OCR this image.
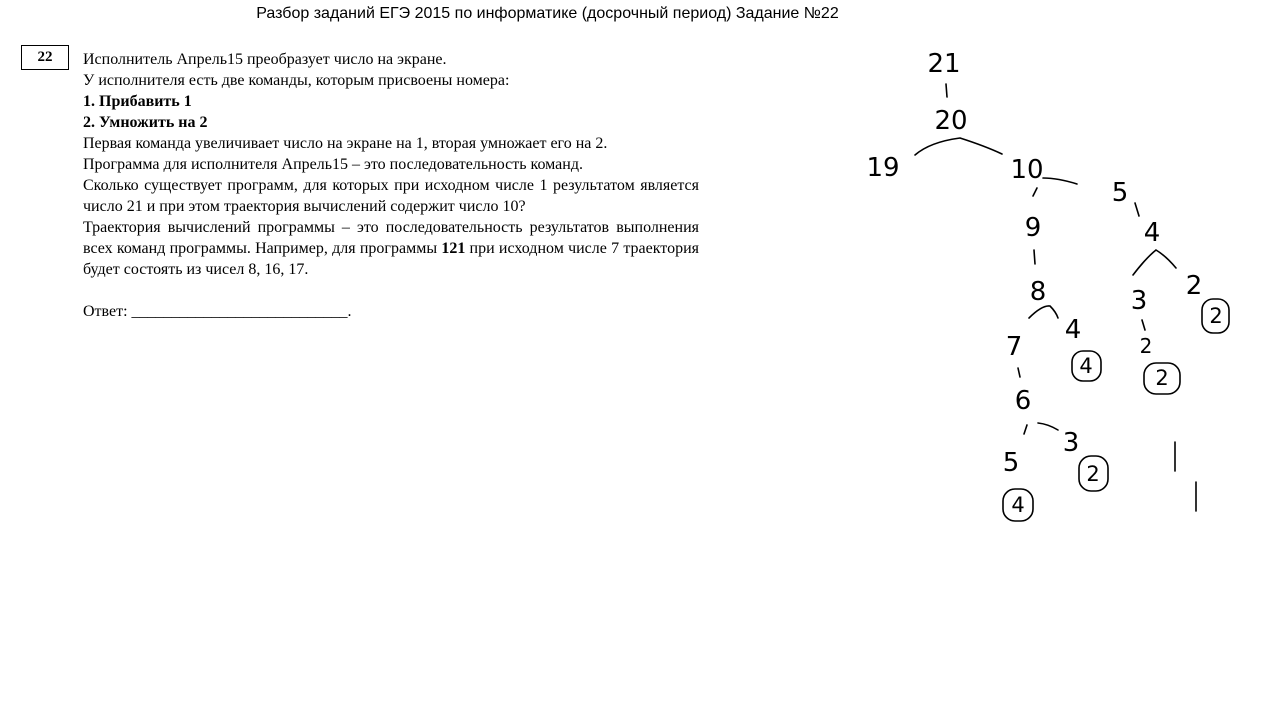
Разбор заданий ЕГЭ 2015 по информатике (досрочный период) Задание №22
22	Исполнитель Апрель15 преобразует число на экране.

У исполнителя есть две команды, которым присвоены номера:

1. Прибавить 1

2. Умножить на 2

Первая команда увеличивает число на экране на 1, вторая умножает его на 2.

Программа для исполнителя Апрель15 – это последовательность команд.

Сколько существует программ, для которых при исходном числе 1 результатом является число 21 и при этом траектория вычислений содержит число 10?

Траектория вычислений программы – это последовательность результатов выполнения всех команд программы. Например, для программы 121 при исходном числе 7 траектория будет состоять из чисел 8, 16, 17.

Ответ: ___________________________.

21
20
19	10
9
8
7
4
6
5
3
5
4
3 2
2
4
2
2
4
2
